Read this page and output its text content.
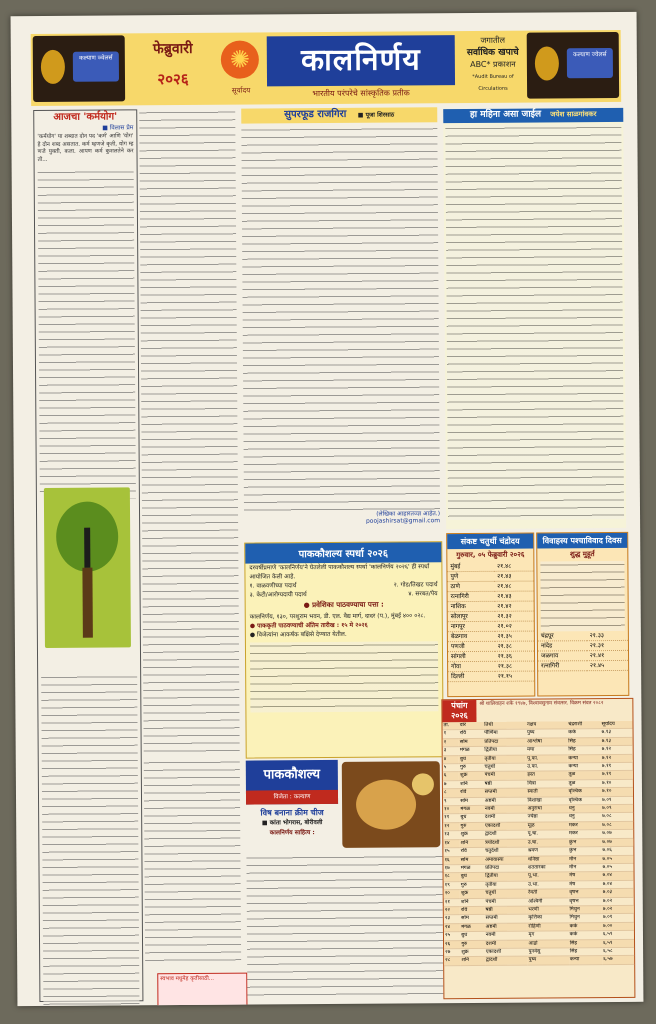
कल्याण ज्वेलर्स
फेब्रुवारी
२०२६
✺
सूर्यादय
कालनिर्णय
भारतीय परंपरेचे सांस्कृतिक प्रतीक
जगातील
सर्वाधिक खपाचे
ABC* प्रकाशन
*Audit Bureau of Circulations
कल्याण ज्वेलर्स
आजचा 'कर्मयोग'
■ विलास प्रेम
'कर्मयोग' या शब्दात दोन पद 'कर्म' आणि 'योग' हे दोन शब्द असतात. कर्म म्हणजे कृती, योग म्हणजे युक्ती, कला. आपण कर्म कुशलतेने करतो...
सुपरफूड राजगिरा ■ पूजा शिरसाठ
(लेखिका आहारतज्ज्ञ आहेत.)
poojashirsat@gmail.com
हा महिना असा जाईल जयेश साळगांवकर
पाककौशल्य स्पर्धा २०२६
दरवर्षीप्रमाणे 'कालनिर्णय'ने घेतलेली पाककौशल्य स्पर्धा 'कालनिर्णय २०२६' ही स्पर्धा आयोजित केली आहे.
१. वाळवणीच्या पदार्थ	२. गोड/तिखट पदार्थ
३. केटी/आरोग्यदायी पदार्थ	४. सरबत/पेय
● प्रवेशिका पाठवण्याचा पत्ता :
कालनिर्णय, १३०, परशुराम भवन, डी. एल. वैद्य मार्ग, दादर (प.), मुंबई ४०० ०२८.
● पाककृती पाठवण्याची अंतिम तारीख : १५ मे २०२६
● विजेत्यांना आकर्षक बक्षिसे देण्यात येतील.
स्वभाव मधुमेह कृतीसाठी...
पाककौशल्य
विजेता : कल्याण
विष बनाना क्रीम चीज
■ कांता भोगरास, बोरीवली
कालनिर्णय साहित्य :
संकष्ट चतुर्थी चंद्रोदय
गुरुवार, ०५ फेब्रुवारी २०२६
मुंबई	२१.४८
पुणे	२१.४३
ठाणे	२१.४८
रत्नागिरी	२१.४३
नाशिक	२१.४२
सोलापूर	२१.३२
नागपूर	२१.०२
बेळगाव	२१.३५
पणजी	२१.३८
सांगली	२१.३६
गोवा	२१.३८
दिल्ली	२१.१५
विवाहस्य पश्चाविवाद दिवस
शुद्ध मुहूर्त
चंद्रपूर	२१.३३
नांदेड	२१.३१
जळगाव	२१.४१
रत्नागिरी	२१.४५
पंचांग २०२६
श्री शालिवाहन शके १९४७, विश्वावसुनाम संवत्सर. विक्रम संवत २०८२
ता.	वार	तिथी	नक्षत्र	चंद्रराशी	सूर्योदय
१	रवि	पौर्णिमा	पुष्य	कर्क	७.१३
२	सोम	प्रतिपदा	आश्लेषा	सिंह	७.१३
३	मंगळ	द्वितीया	मघा	सिंह	७.१२
४	बुध	तृतीया	पू.फा.	कन्या	७.१२
५	गुरु	चतुर्थी	उ.फा.	कन्या	७.११
६	शुक्र	पंचमी	हस्त	तूळ	७.११
७	शनि	षष्ठी	चित्रा	तूळ	७.१०
८	रवि	सप्तमी	स्वाती	वृश्चिक	७.१०
९	सोम	अष्टमी	विशाखा	वृश्चिक	७.०९
१०	मंगळ	नवमी	अनुराधा	धनु	७.०९
११	बुध	दशमी	ज्येष्ठा	धनु	७.०८
१२	गुरु	एकादशी	मूळ	मकर	७.०८
१३	शुक्र	द्वादशी	पू.षा.	मकर	७.०७
१४	शनि	त्रयोदशी	उ.षा.	कुंभ	७.०७
१५	रवि	चतुर्दशी	श्रवण	कुंभ	७.०६
१६	सोम	अमावास्या	धनिष्ठा	मीन	७.०५
१७	मंगळ	प्रतिपदा	शततारका	मीन	७.०५
१८	बुध	द्वितीया	पू.भा.	मेष	७.०४
१९	गुरु	तृतीया	उ.भा.	मेष	७.०४
२०	शुक्र	चतुर्थी	रेवती	वृषभ	७.०३
२१	शनि	पंचमी	अश्विनी	वृषभ	७.०२
२२	रवि	षष्ठी	भरणी	मिथुन	७.०२
२३	सोम	सप्तमी	कृत्तिका	मिथुन	७.०१
२४	मंगळ	अष्टमी	रोहिणी	कर्क	७.००
२५	बुध	नवमी	मृग	कर्क	६.५९
२६	गुरु	दशमी	आर्द्रा	सिंह	६.५९
२७	शुक्र	एकादशी	पुनर्वसु	सिंह	६.५८
२८	शनि	द्वादशी	पुष्य	कन्या	६.५७
